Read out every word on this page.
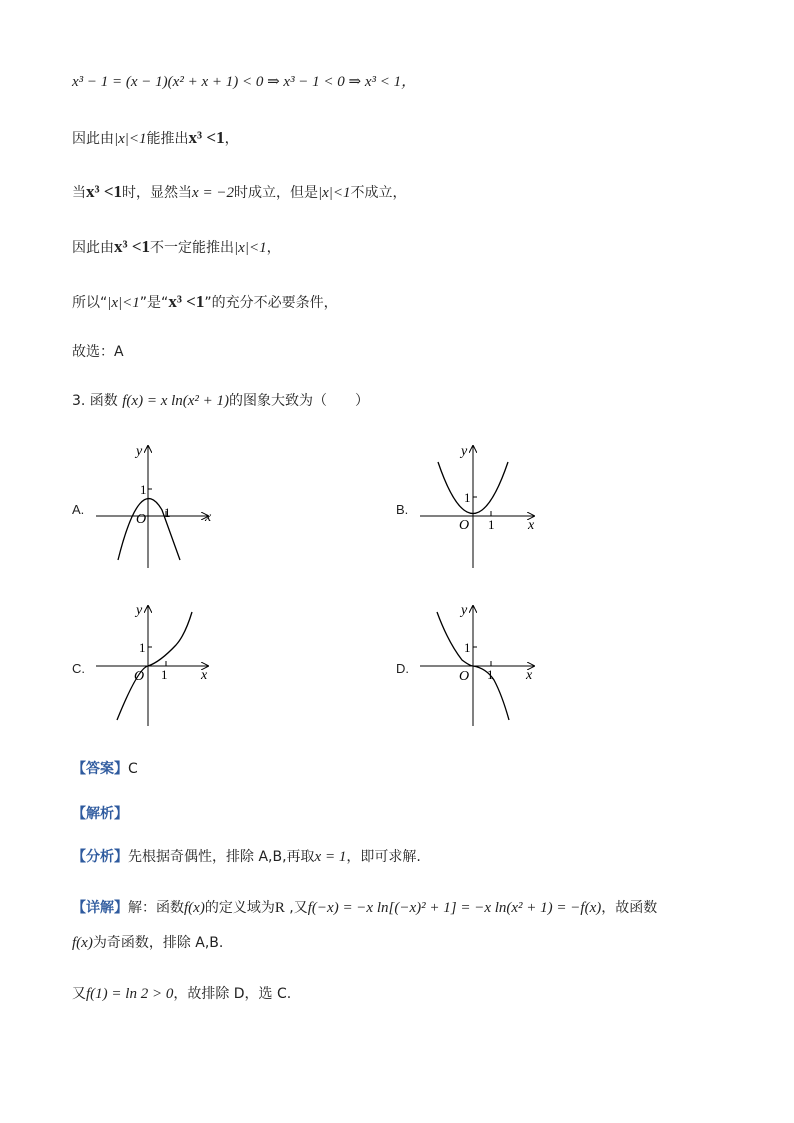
x³ − 1 = (x − 1)(x² + x + 1) < 0 ⇒ x³ − 1 < 0 ⇒ x³ < 1，
因此由|x|<1能推出x³ <1，
当x³ <1时，显然当x = −2时成立，但是|x|<1不成立，
因此由x³ <1不一定能推出|x|<1，
所以“|x|<1”是“x³ <1”的充分不必要条件，
故选：A
3. 函数 f(x) = x ln(x² + 1)的图象大致为（　　）
A.	B.
C.	D.
y
x
O
1
1
y
x
O
1
1
y
x
O
1
1
y
x
O
1
1
【答案】C
【解析】
【分析】先根据奇偶性，排除 A,B,再取x = 1，即可求解.
【详解】解：函数f(x)的定义域为R ,又f(−x) = −x ln[(−x)² + 1] = −x ln(x² + 1) = −f(x)，故函数
f(x)为奇函数，排除 A,B.
又f(1) = ln 2 > 0，故排除 D，选 C.
